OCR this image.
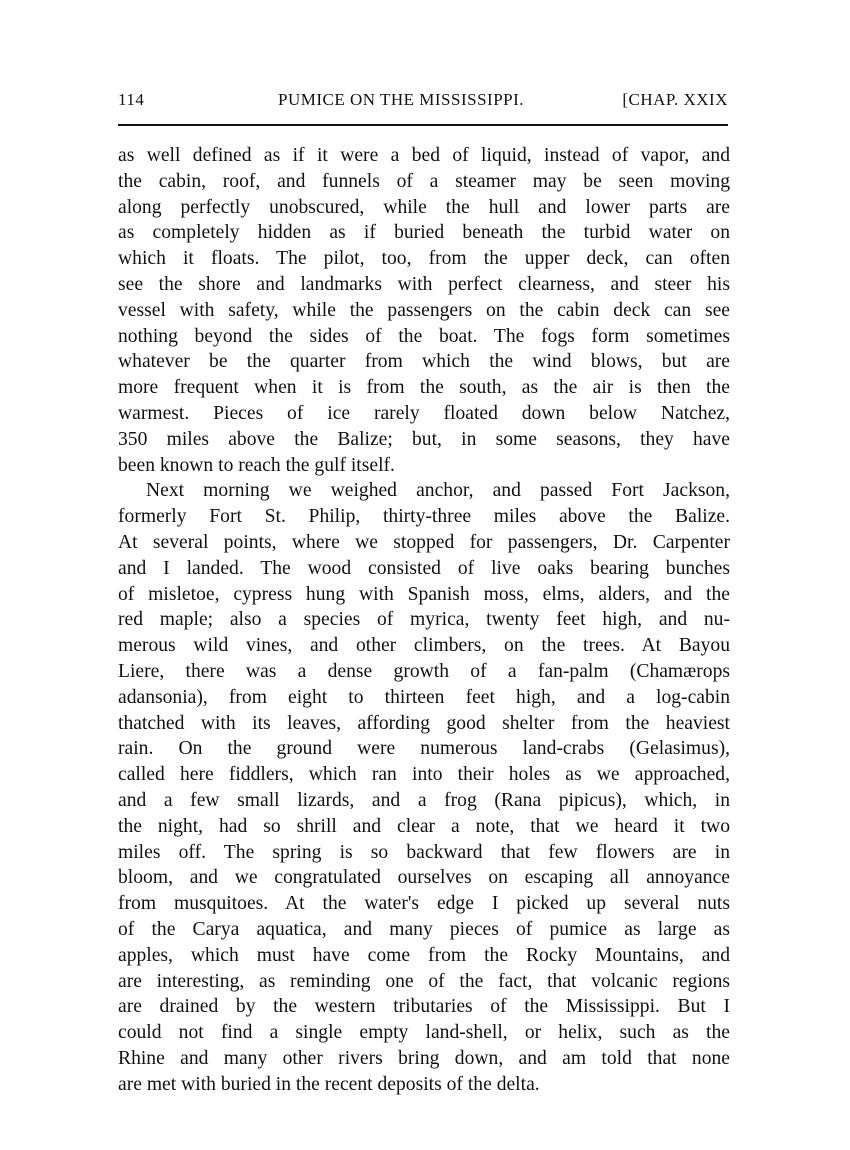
114	PUMICE ON THE MISSISSIPPI.	[CHAP. XXIX
as well defined as if it were a bed of liquid, instead of vapor, and
the cabin, roof, and funnels of a steamer may be seen moving
along perfectly unobscured, while the hull and lower parts are
as completely hidden as if buried beneath the turbid water on
which it floats. The pilot, too, from the upper deck, can often
see the shore and landmarks with perfect clearness, and steer his
vessel with safety, while the passengers on the cabin deck can see
nothing beyond the sides of the boat. The fogs form sometimes
whatever be the quarter from which the wind blows, but are
more frequent when it is from the south, as the air is then the
warmest. Pieces of ice rarely floated down below Natchez,
350 miles above the Balize; but, in some seasons, they have
been known to reach the gulf itself.
Next morning we weighed anchor, and passed Fort Jackson,
formerly Fort St. Philip, thirty-three miles above the Balize.
At several points, where we stopped for passengers, Dr. Carpenter
and I landed. The wood consisted of live oaks bearing bunches
of misletoe, cypress hung with Spanish moss, elms, alders, and the
red maple; also a species of myrica, twenty feet high, and nu-
merous wild vines, and other climbers, on the trees. At Bayou
Liere, there was a dense growth of a fan-palm (Chamærops
adansonia), from eight to thirteen feet high, and a log-cabin
thatched with its leaves, affording good shelter from the heaviest
rain. On the ground were numerous land-crabs (Gelasimus),
called here fiddlers, which ran into their holes as we approached,
and a few small lizards, and a frog (Rana pipicus), which, in
the night, had so shrill and clear a note, that we heard it two
miles off. The spring is so backward that few flowers are in
bloom, and we congratulated ourselves on escaping all annoyance
from musquitoes. At the water's edge I picked up several nuts
of the Carya aquatica, and many pieces of pumice as large as
apples, which must have come from the Rocky Mountains, and
are interesting, as reminding one of the fact, that volcanic regions
are drained by the western tributaries of the Mississippi. But I
could not find a single empty land-shell, or helix, such as the
Rhine and many other rivers bring down, and am told that none
are met with buried in the recent deposits of the delta.
